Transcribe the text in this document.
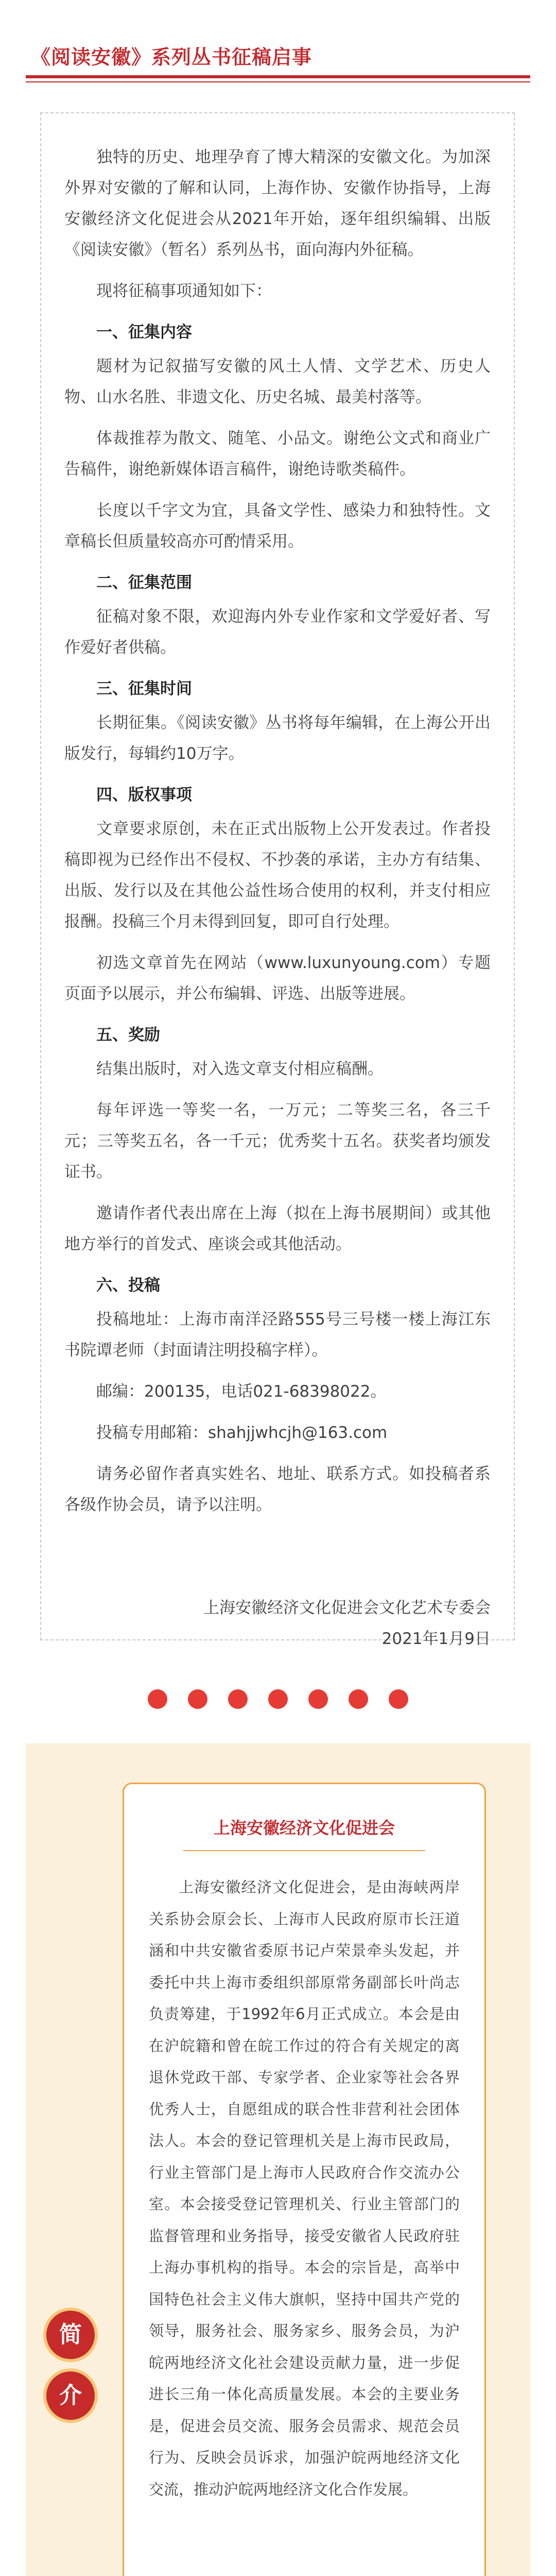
《阅读安徽》系列丛书征稿启事

独特的历史、地理孕育了博大精深的安徽文化。为加深外界对安徽的了解和认同，上海作协、安徽作协指导，上海安徽经济文化促进会从2021年开始，逐年组织编辑、出版《阅读安徽》（暂名）系列丛书，面向海内外征稿。

现将征稿事项通知如下：

一、征集内容

题材为记叙描写安徽的风土人情、文学艺术、历史人物、山水名胜、非遗文化、历史名城、最美村落等。

体裁推荐为散文、随笔、小品文。谢绝公文式和商业广告稿件，谢绝新媒体语言稿件，谢绝诗歌类稿件。

长度以千字文为宜，具备文学性、感染力和独特性。文章稿长但质量较高亦可酌情采用。

二、征集范围

征稿对象不限，欢迎海内外专业作家和文学爱好者、写作爱好者供稿。

三、征集时间

长期征集。《阅读安徽》丛书将每年编辑，在上海公开出版发行，每辑约10万字。

四、版权事项

文章要求原创，未在正式出版物上公开发表过。作者投稿即视为已经作出不侵权、不抄袭的承诺，主办方有结集、出版、发行以及在其他公益性场合使用的权利，并支付相应报酬。投稿三个月未得到回复，即可自行处理。

初选文章首先在网站（www.luxunyoung.com）专题页面予以展示，并公布编辑、评选、出版等进展。

五、奖励

结集出版时，对入选文章支付相应稿酬。

每年评选一等奖一名，一万元；二等奖三名，各三千元；三等奖五名，各一千元；优秀奖十五名。获奖者均颁发证书。

邀请作者代表出席在上海（拟在上海书展期间）或其他地方举行的首发式、座谈会或其他活动。

六、投稿

投稿地址：上海市南洋泾路555号三号楼一楼上海江东书院谭老师（封面请注明投稿字样）。

邮编：200135，电话021-68398022。

投稿专用邮箱：shahjjwhcjh@163.com

请务必留作者真实姓名、地址、联系方式。如投稿者系各级作协会员，请予以注明。

上海安徽经济文化促进会文化艺术专委会

2021年1月9日

简
介
上海安徽经济文化促进会

上海安徽经济文化促进会，是由海峡两岸关系协会原会长、上海市人民政府原市长汪道涵和中共安徽省委原书记卢荣景牵头发起，并委托中共上海市委组织部原常务副部长叶尚志负责筹建，于1992年6月正式成立。本会是由在沪皖籍和曾在皖工作过的符合有关规定的离退休党政干部、专家学者、企业家等社会各界优秀人士，自愿组成的联合性非营利社会团体法人。本会的登记管理机关是上海市民政局，行业主管部门是上海市人民政府合作交流办公室。本会接受登记管理机关、行业主管部门的监督管理和业务指导，接受安徽省人民政府驻上海办事机构的指导。本会的宗旨是，高举中国特色社会主义伟大旗帜，坚持中国共产党的领导，服务社会、服务家乡、服务会员，为沪皖两地经济文化社会建设贡献力量，进一步促进长三角一体化高质量发展。本会的主要业务是，促进会员交流、服务会员需求、规范会员行为、反映会员诉求，加强沪皖两地经济文化交流，推动沪皖两地经济文化合作发展。
